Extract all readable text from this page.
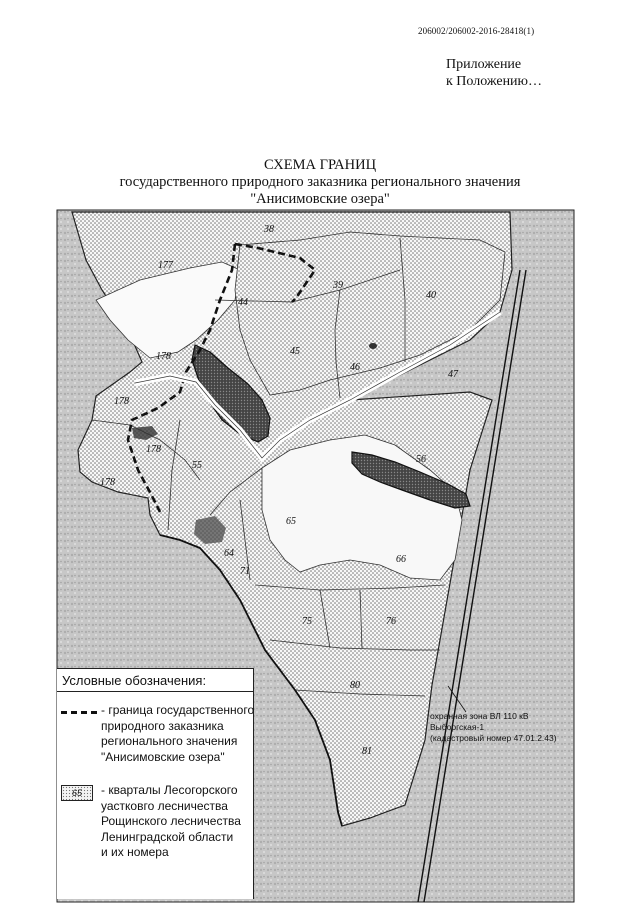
206002/206002-2016-28418(1)
Приложение
к Положению…
СХЕМА ГРАНИЦ
государственного природного заказника регионального значения
"Анисимовские озера"
38
177
44
39
40
178	45
46
47
178
178
55
56
178
65
64
66
71
75	76
80
81
охранная зона ВЛ 110 кВ
Выборгская-1
(кадастровый номер 47.01.2.43)
Условные обозначения:
- граница государственного
природного заказника
регионального значения
"Анисимовские озера"
65	- кварталы Лесогорского
уастковго лесничества
Рощинского лесничества
Ленинградской области
и их номера
